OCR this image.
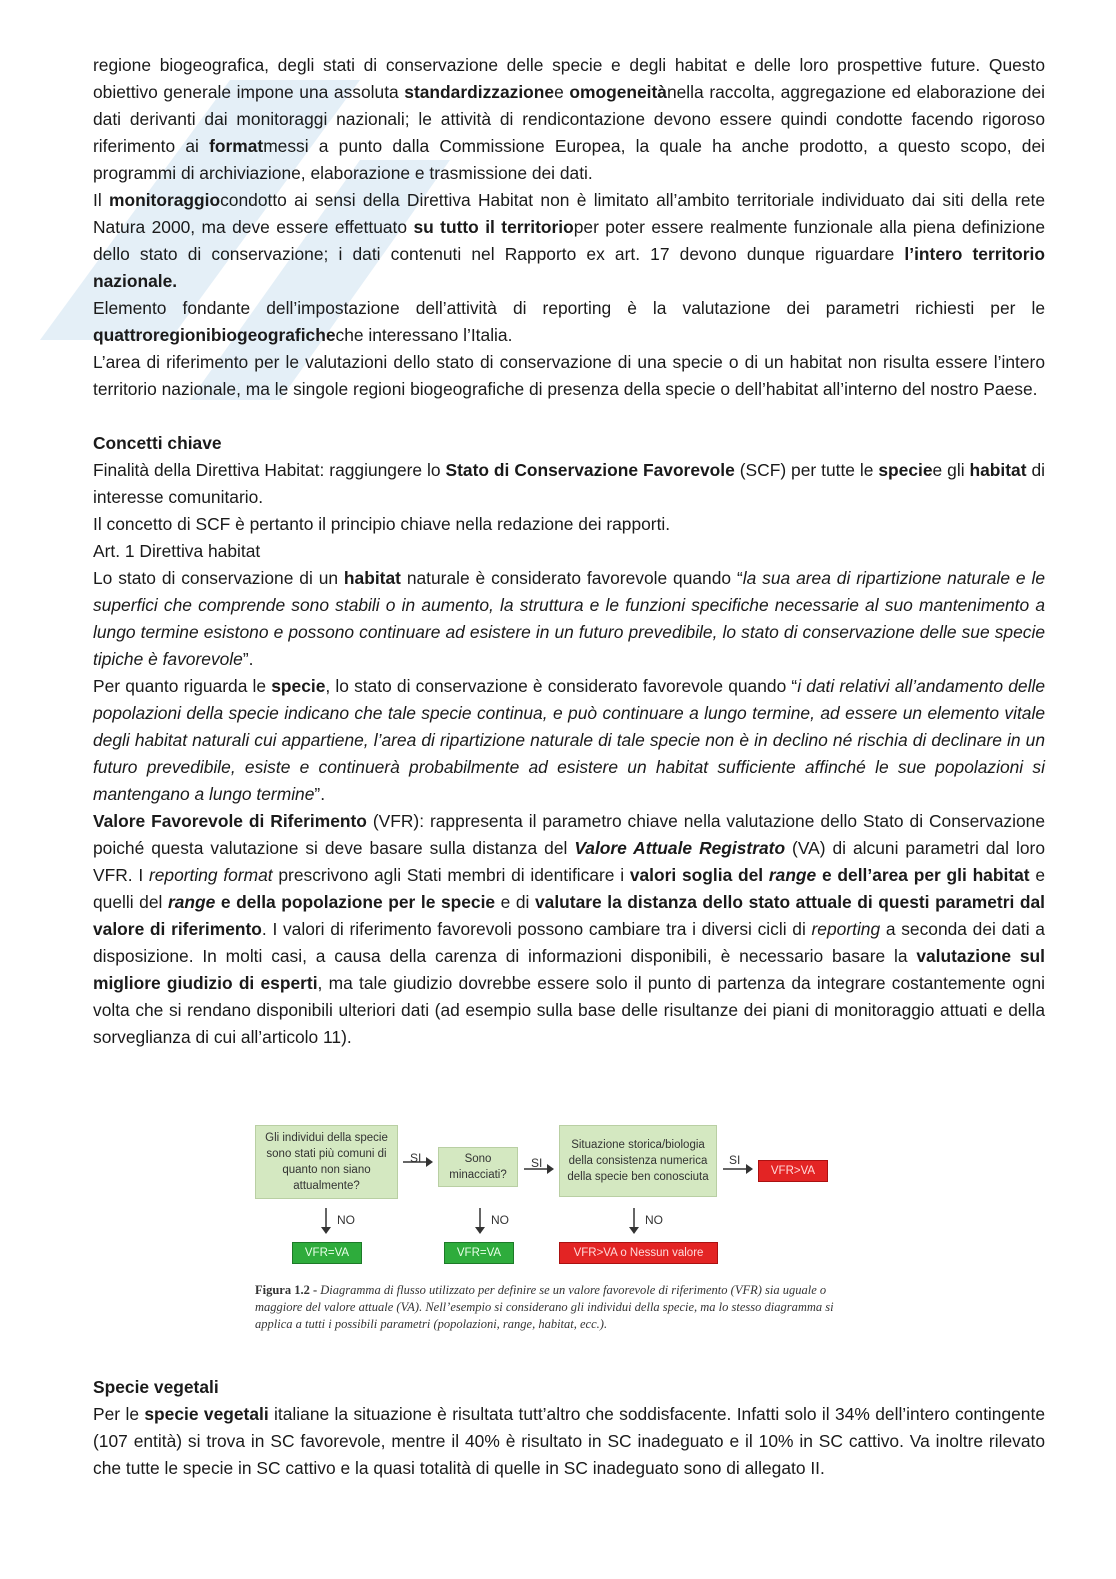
regione biogeografica, degli stati di conservazione delle specie e degli habitat e delle loro prospettive future. Questo obiettivo generale impone una assoluta standardizzazionee omogeneitànella raccolta, aggregazione ed elaborazione dei dati derivanti dai monitoraggi nazionali; le attività di rendicontazione devono essere quindi condotte facendo rigoroso riferimento ai formatmessi a punto dalla Commissione Europea, la quale ha anche prodotto, a questo scopo, dei programmi di archiviazione, elaborazione e trasmissione dei dati.

Il monitoraggiocondotto ai sensi della Direttiva Habitat non è limitato all’ambito territoriale individuato dai siti della rete Natura 2000, ma deve essere effettuato su tutto il territorioper poter essere realmente funzionale alla piena definizione dello stato di conservazione; i dati contenuti nel Rapporto ex art. 17 devono dunque riguardare l’intero territorio nazionale.

Elemento fondante dell’impostazione dell’attività di reporting è la valutazione dei parametri richiesti per le quattroregionibiogeograficheche interessano l’Italia.

L’area di riferimento per le valutazioni dello stato di conservazione di una specie o di un habitat non risulta essere l’intero territorio nazionale, ma le singole regioni biogeografiche di presenza della specie o dell’habitat all’interno del nostro Paese.

Concetti chiave

Finalità della Direttiva Habitat: raggiungere lo Stato di Conservazione Favorevole (SCF) per tutte le speciee gli habitat di interesse comunitario.

Il concetto di SCF è pertanto il principio chiave nella redazione dei rapporti.

Art. 1 Direttiva habitat

Lo stato di conservazione di un habitat naturale è considerato favorevole quando “la sua area di ripartizione naturale e le superfici che comprende sono stabili o in aumento, la struttura e le funzioni specifiche necessarie al suo mantenimento a lungo termine esistono e possono continuare ad esistere in un futuro prevedibile, lo stato di conservazione delle sue specie tipiche è favorevole”.

Per quanto riguarda le specie, lo stato di conservazione è considerato favorevole quando “i dati relativi all’andamento delle popolazioni della specie indicano che tale specie continua, e può continuare a lungo termine, ad essere un elemento vitale degli habitat naturali cui appartiene, l’area di ripartizione naturale di tale specie non è in declino né rischia di declinare in un futuro prevedibile, esiste e continuerà probabilmente ad esistere un habitat sufficiente affinché le sue popolazioni si mantengano a lungo termine”.

Valore Favorevole di Riferimento (VFR): rappresenta il parametro chiave nella valutazione dello Stato di Conservazione poiché questa valutazione si deve basare sulla distanza del Valore Attuale Registrato (VA) di alcuni parametri dal loro VFR. I reporting format prescrivono agli Stati membri di identificare i valori soglia del range e dell’area per gli habitat e quelli del range e della popolazione per le specie e di valutare la distanza dello stato attuale di questi parametri dal valore di riferimento. I valori di riferimento favorevoli possono cambiare tra i diversi cicli di reporting a seconda dei dati a disposizione. In molti casi, a causa della carenza di informazioni disponibili, è necessario basare la valutazione sul migliore giudizio di esperti, ma tale giudizio dovrebbe essere solo il punto di partenza da integrare costantemente ogni volta che si rendano disponibili ulteriori dati (ad esempio sulla base delle risultanze dei piani di monitoraggio attuati e della sorveglianza di cui all’articolo 11).

Gli individui della specie sono stati più comuni di quanto non siano attualmente?
SI	Sono minacciati?
SI
Situazione storica/biologia della consistenza numerica della specie ben conosciuta
SI
VFR>VA
NO
VFR=VA
NO
VFR=VA
NO
VFR>VA o Nessun valore
Figura 1.2 - Diagramma di flusso utilizzato per definire se un valore favorevole di riferimento (VFR) sia uguale o maggiore del valore attuale (VA). Nell’esempio si considerano gli individui della specie, ma lo stesso diagramma si applica a tutti i possibili parametri (popolazioni, range, habitat, ecc.).

Specie vegetali

Per le specie vegetali italiane la situazione è risultata tutt’altro che soddisfacente. Infatti solo il 34% dell’intero contingente (107 entità) si trova in SC favorevole, mentre il 40% è risultato in SC inadeguato e il 10% in SC cattivo. Va inoltre rilevato che tutte le specie in SC cattivo e la quasi totalità di quelle in SC inadeguato sono di allegato II.
